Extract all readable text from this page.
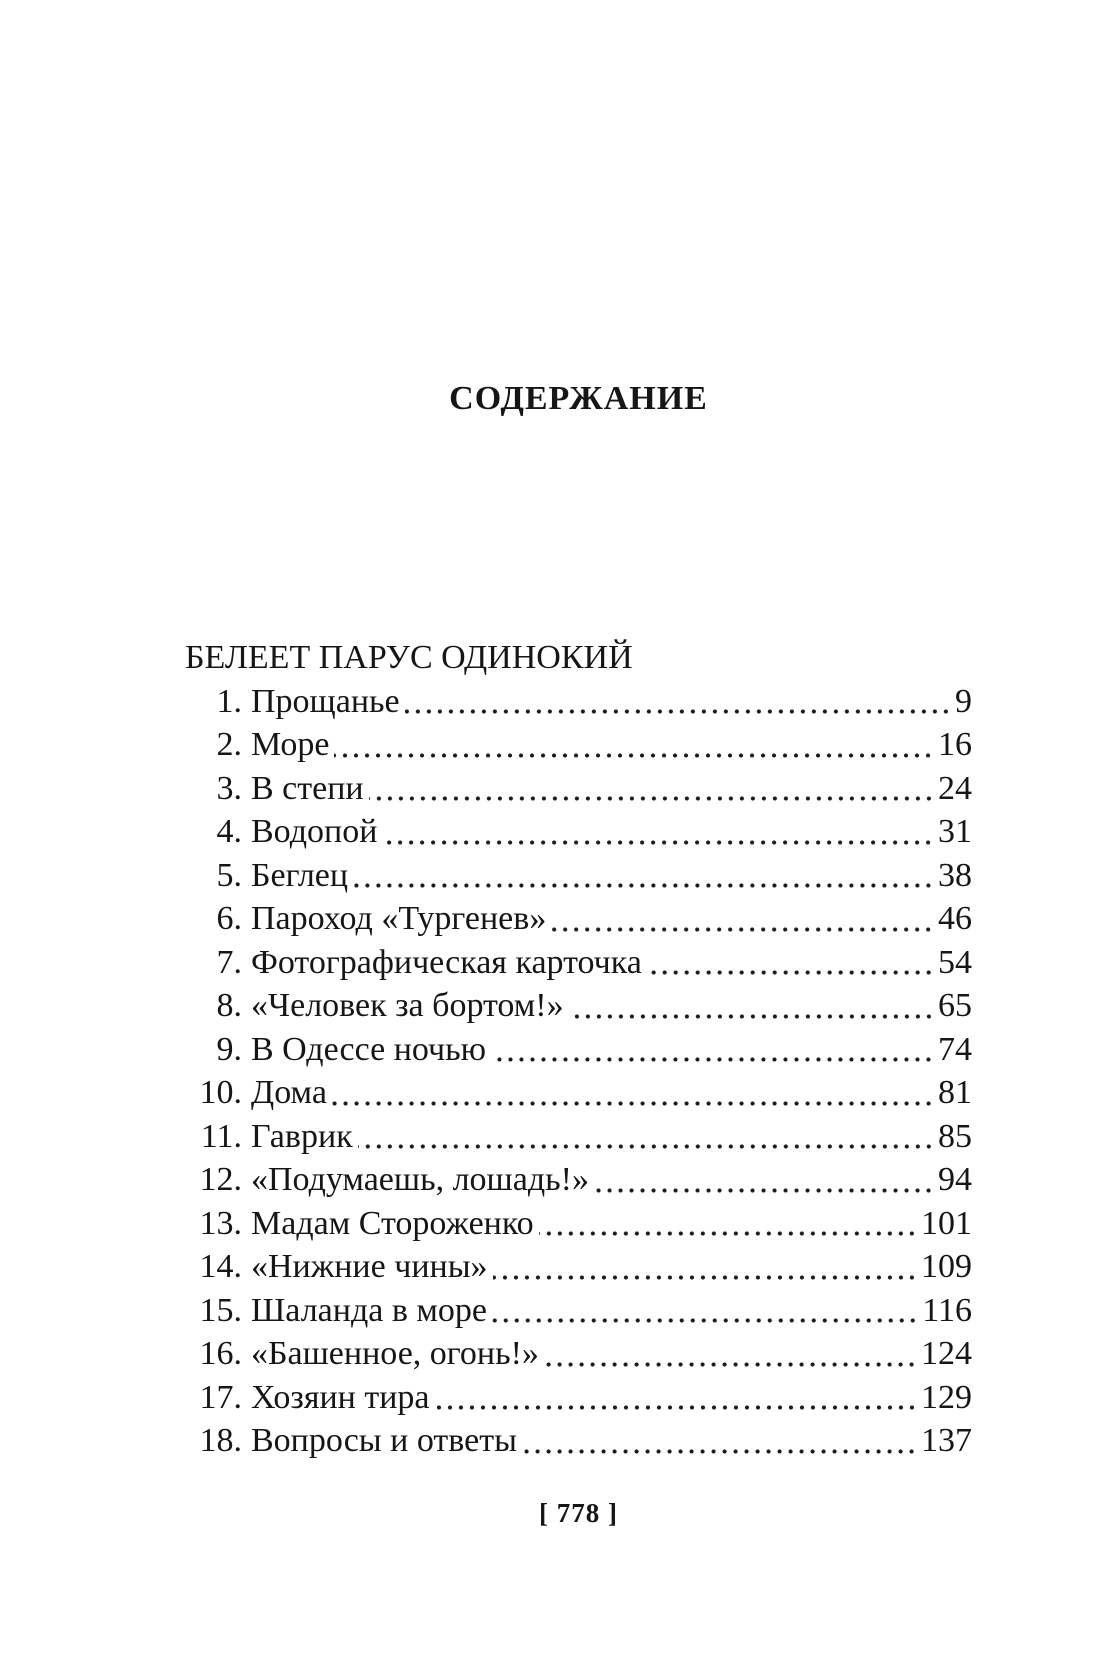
СОДЕРЖАНИЕ
БЕЛЕЕТ ПАРУС ОДИНОКИЙ
1. Прощанье	9
2. Море	16
3. В степи	24
4. Водопой	31
5. Беглец	38
6. Пароход «Тургенев»	46
7. Фотографическая карточка	54
8. «Человек за бортом!»	65
9. В Одессе ночью	74
10. Дома	81
11. Гаврик	85
12. «Подумаешь, лошадь!»	94
13. Мадам Стороженко	101
14. «Нижние чины»	109
15. Шаланда в море	116
16. «Башенное, огонь!»	124
17. Хозяин тира	129
18. Вопросы и ответы	137
[ 778 ]
